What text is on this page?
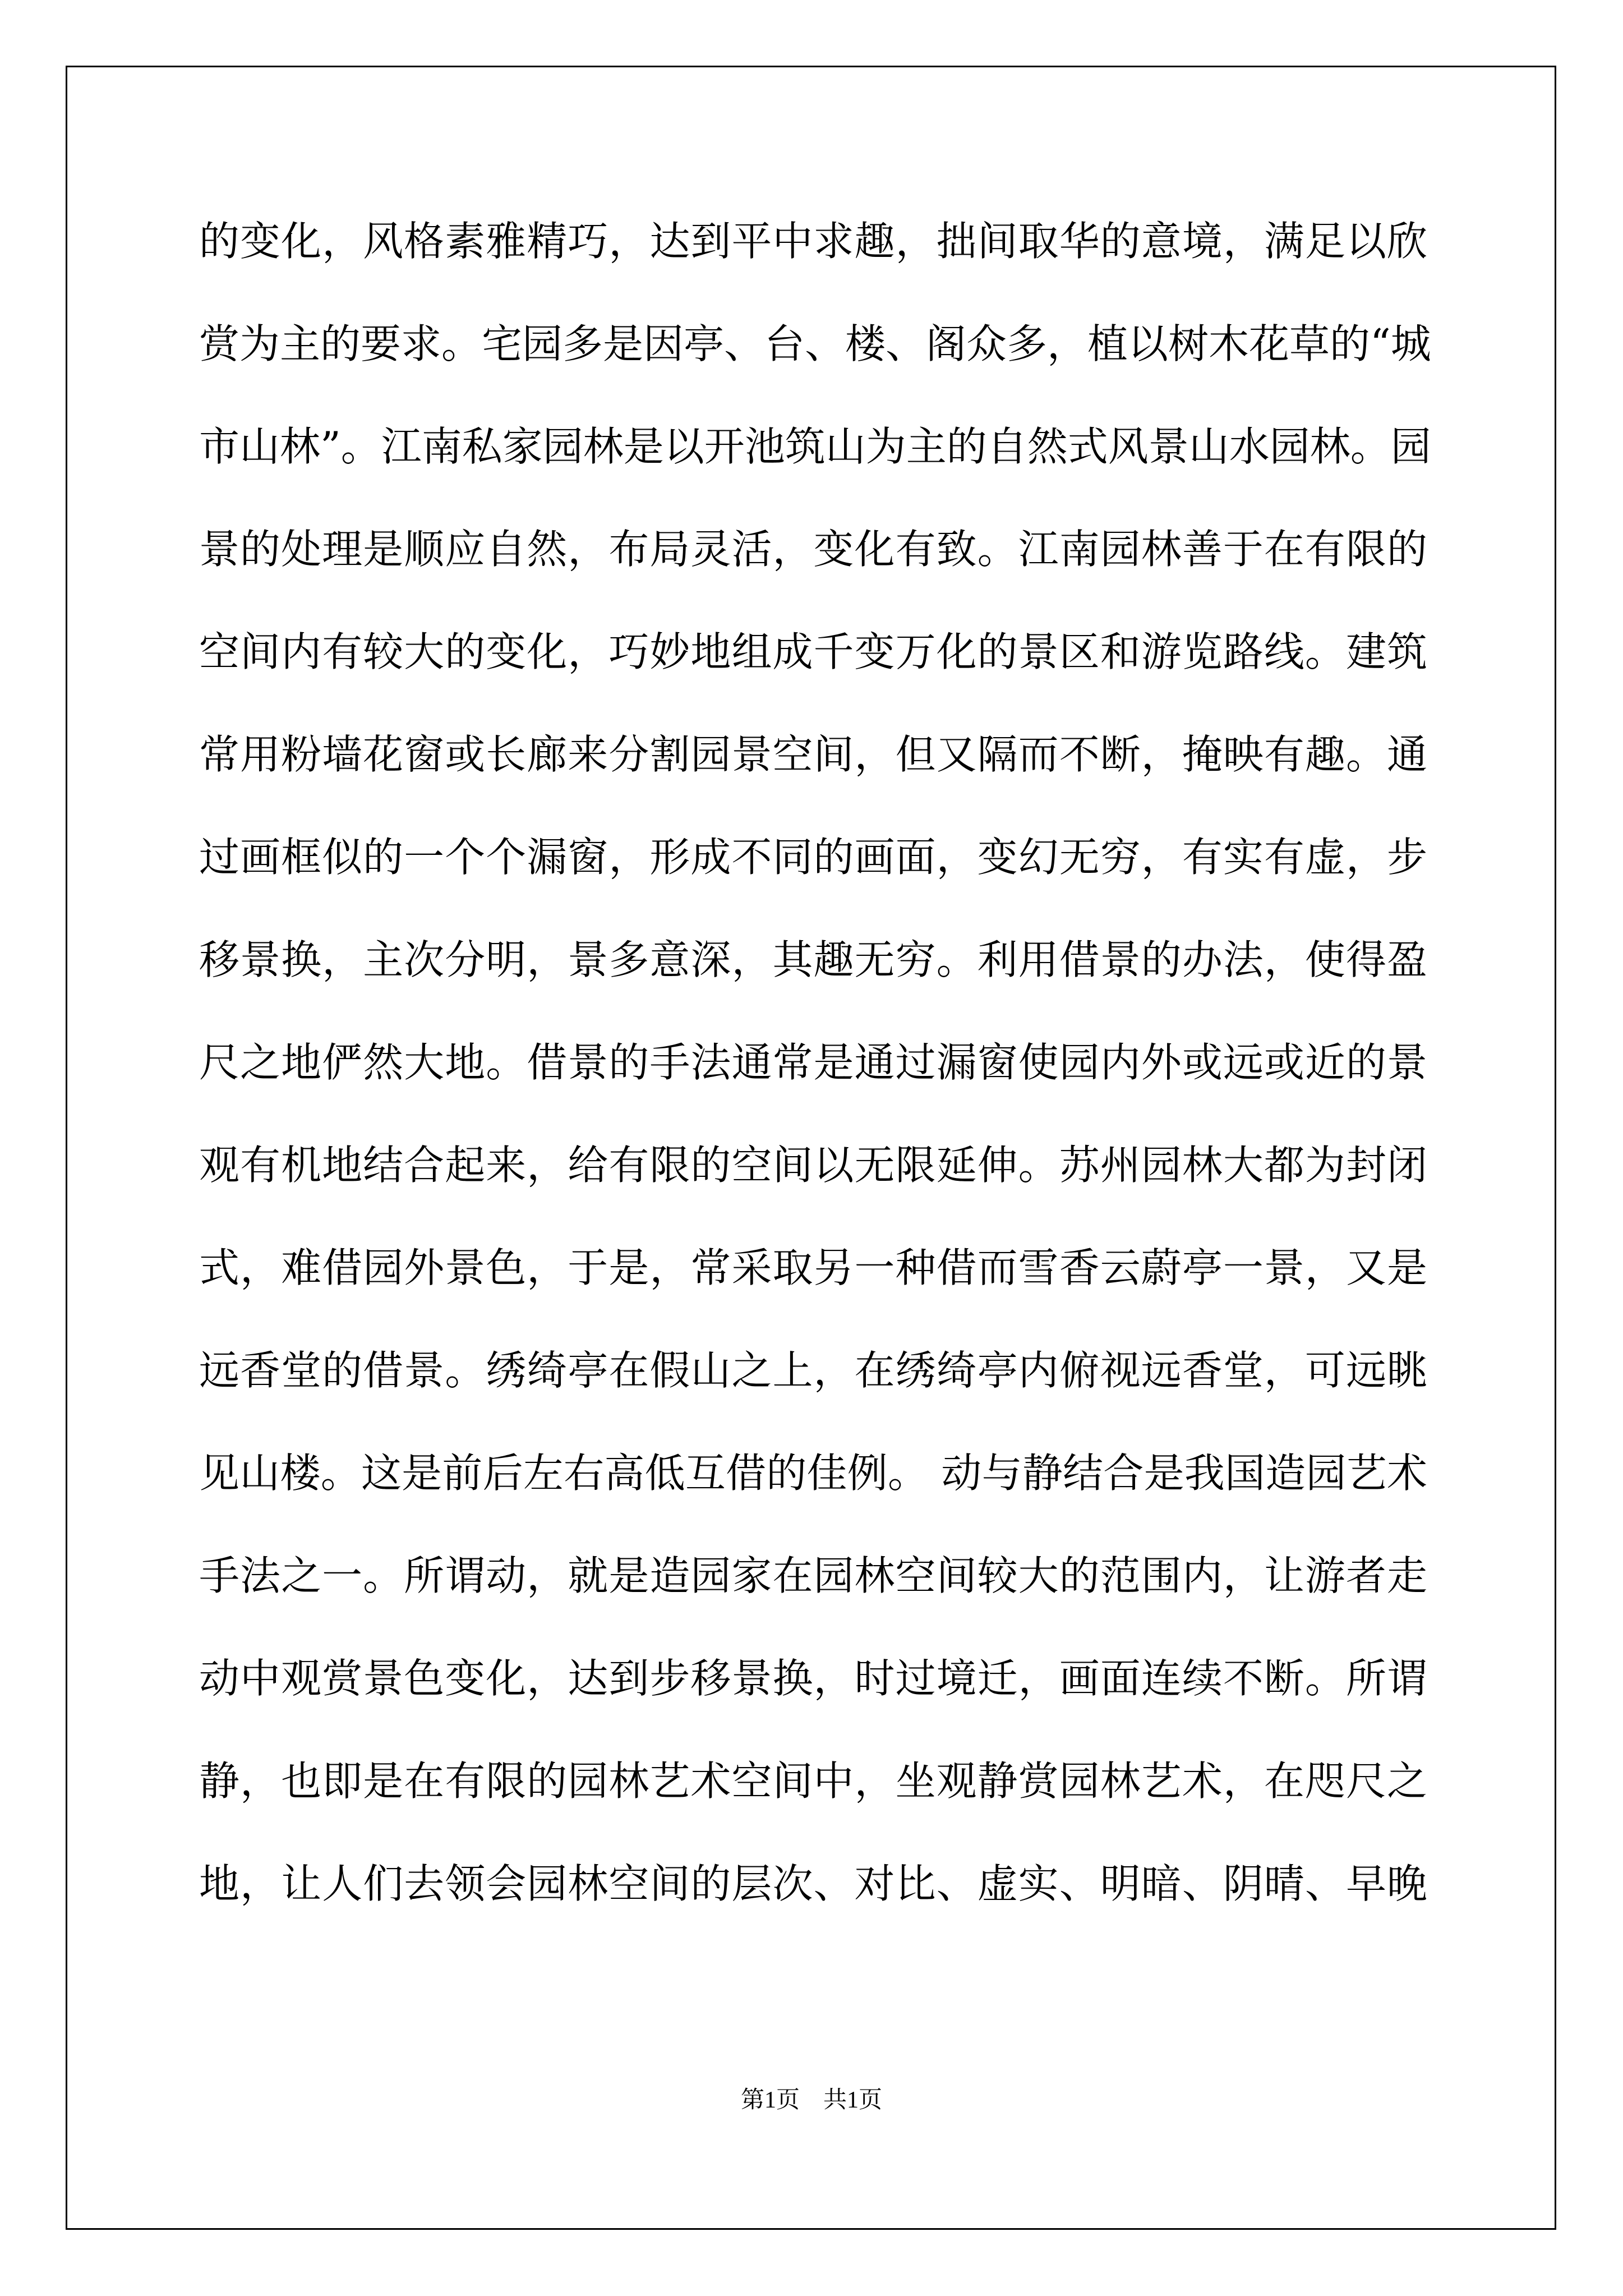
的变化，风格素雅精巧，达到平中求趣，拙间取华的意境，满足以欣
赏为主的要求。宅园多是因亭、台、楼、阁众多，植以树木花草的“城
市山林”。江南私家园林是以开池筑山为主的自然式风景山水园林。园
景的处理是顺应自然，布局灵活，变化有致。江南园林善于在有限的
空间内有较大的变化，巧妙地组成千变万化的景区和游览路线。建筑
常用粉墙花窗或长廊来分割园景空间，但又隔而不断，掩映有趣。通
过画框似的一个个漏窗，形成不同的画面，变幻无穷，有实有虚，步
移景换，主次分明，景多意深，其趣无穷。利用借景的办法，使得盈
尺之地俨然大地。借景的手法通常是通过漏窗使园内外或远或近的景
观有机地结合起来，给有限的空间以无限延伸。苏州园林大都为封闭
式，难借园外景色，于是，常采取另一种借而雪香云蔚亭一景，又是
远香堂的借景。绣绮亭在假山之上，在绣绮亭内俯视远香堂，可远眺
见山楼。这是前后左右高低互借的佳例。 动与静结合是我国造园艺术
手法之一。所谓动，就是造园家在园林空间较大的范围内，让游者走
动中观赏景色变化，达到步移景换，时过境迁，画面连续不断。所谓
静，也即是在有限的园林艺术空间中，坐观静赏园林艺术，在咫尺之
地，让人们去领会园林空间的层次、对比、虚实、明暗、阴晴、早晚
第1页　共1页
